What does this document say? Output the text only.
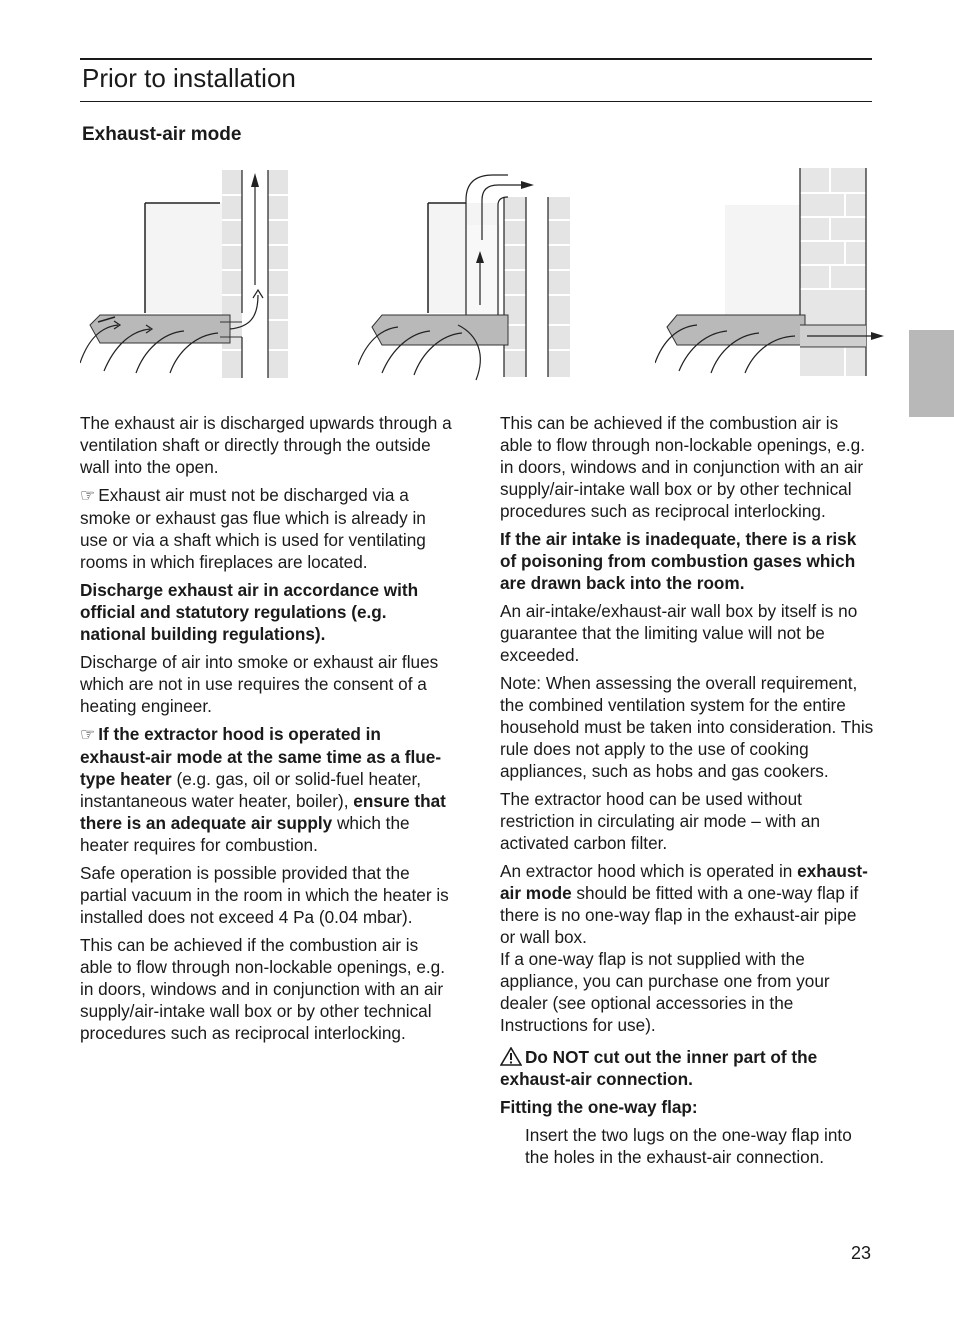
Prior to installation
Exhaust-air mode

The exhaust air is discharged upwards through a ventilation shaft or directly through the outside wall into the open.

☞ Exhaust air must not be discharged via a smoke or exhaust gas flue which is already in use or via a shaft which is used for ventilating rooms in which fireplaces are located.

Discharge exhaust air in accordance with official and statutory regulations (e.g. national building regulations).

Discharge of air into smoke or exhaust air flues which are not in use requires the consent of a heating engineer.

☞ If the extractor hood is operated in exhaust-air mode at the same time as a flue-type heater (e.g. gas, oil or solid-fuel heater, instantaneous water heater, boiler), ensure that there is an adequate air supply which the heater requires for combustion.

Safe operation is possible provided that the partial vacuum in the room in which the heater is installed does not exceed 4 Pa (0.04 mbar).

This can be achieved if the combustion air is able to flow through non-lockable openings, e.g. in doors, windows and in conjunction with an air supply/air-intake wall box or by other technical procedures such as reciprocal interlocking.

This can be achieved if the combustion air is able to flow through non-lockable openings, e.g. in doors, windows and in conjunction with an air supply/air-intake wall box or by other technical procedures such as reciprocal interlocking.

If the air intake is inadequate, there is a risk of poisoning from combustion gases which are drawn back into the room.

An air-intake/exhaust-air wall box by itself is no guarantee that the limiting value will not be exceeded.

Note: When assessing the overall requirement, the combined ventilation system for the entire household must be taken into consideration. This rule does not apply to the use of cooking appliances, such as hobs and gas cookers.

The extractor hood can be used without restriction in circulating air mode – with an activated carbon filter.

An extractor hood which is operated in exhaust-air mode should be fitted with a one-way flap if there is no one-way flap in the exhaust-air pipe or wall box.

If a one-way flap is not supplied with the appliance, you can purchase one from your dealer (see optional accessories in the Instructions for use).

Do NOT cut out the inner part of the exhaust-air connection.

Fitting the one-way flap:

Insert the two lugs on the one-way flap into the holes in the exhaust-air connection.

23
